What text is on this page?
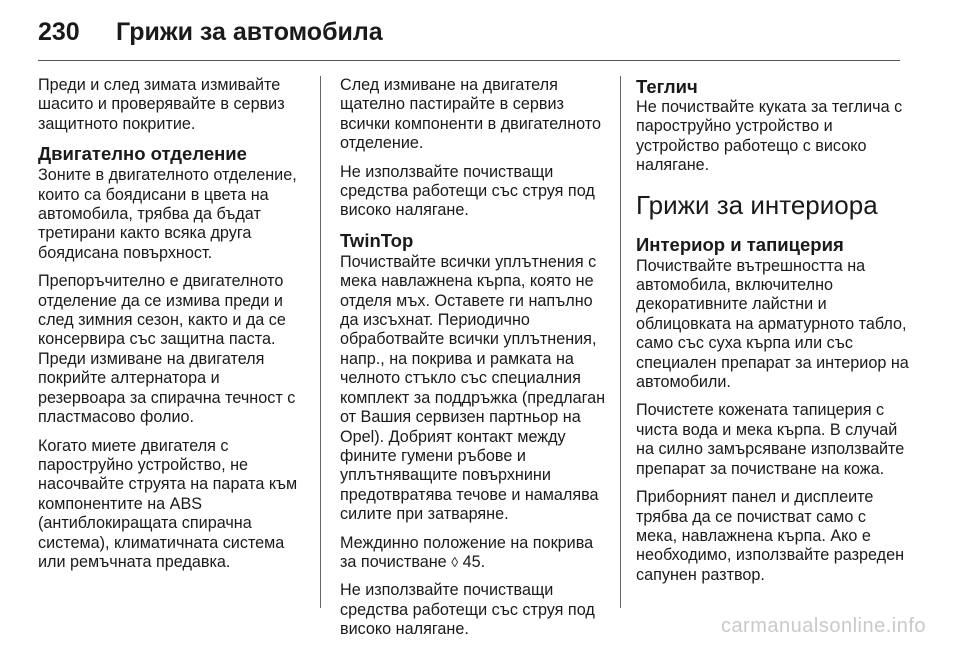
230	Грижи за автомобила

Преди и след зимата измивайте шасито и проверявайте в сервиз защитното покритие.

Двигателно отделение

Зоните в двигателното отделение, които са боядисани в цвета на автомобила, трябва да бъдат третирани както всяка друга боядисана повърхност.

Препоръчително е двигателното отделение да се измива преди и след зимния сезон, както и да се консервира със защитна паста. Преди измиване на двигателя покрийте алтернатора и резервоара за спирачна течност с пластмасово фолио.

Когато миете двигателя с пароструйно устройство, не насочвайте струята на парата към компонентите на ABS (антиблокиращата спирачна система), климатичната система или ремъчната предавка.

След измиване на двигателя щателно пастирайте в сервиз всички компоненти в двигателното отделение.

Не използвайте почистващи средства работещи със струя под високо налягане.

TwinTop

Почиствайте всички уплътнения с мека навлажнена кърпа, която не отделя мъх. Оставете ги напълно да изсъхнат. Периодично обработвайте всички уплътнения, напр., на покрива и рамката на челното стъкло със специалния комплект за поддръжка (предлаган от Вашия сервизен партньор на Opel). Добрият контакт между фините гумени ръбове и уплътняващите повърхнини предотвратява течове и намалява силите при затваряне.

Междинно положение на покрива за почистване ◊ 45.

Не използвайте почистващи средства работещи със струя под високо налягане.

Теглич

Не почиствайте куката за теглича с пароструйно устройство и устройство работещо с високо налягане.

Грижи за интериора
Интериор и тапицерия

Почиствайте вътрешността на автомобила, включително декоративните лайстни и облицовката на арматурното табло, само със суха кърпа или със специален препарат за интериор на автомобили.

Почистете кожената тапицерия с чиста вода и мека кърпа. В случай на силно замърсяване използвайте препарат за почистване на кожа.

Приборният панел и дисплеите трябва да се почистват само с мека, навлажнена кърпа. Ако е необходимо, използвайте разреден сапунен разтвор.

carmanualsonline.info
